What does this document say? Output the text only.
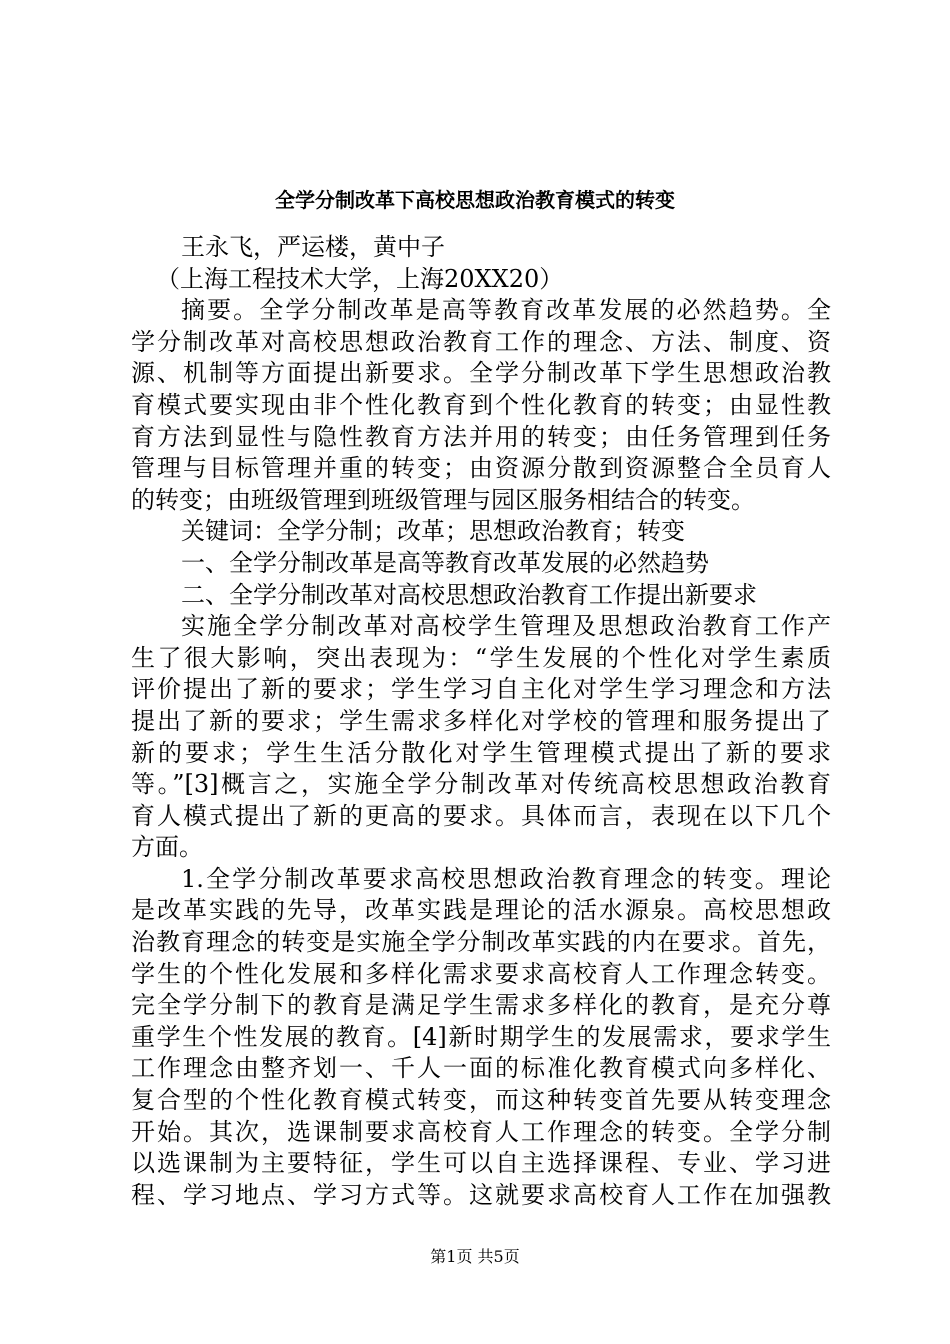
全学分制改革下高校思想政治教育模式的转变
王永飞，严运楼，黄中子
（上海工程技术大学，上海20XX20）
摘要。全学分制改革是高等教育改革发展的必然趋势。全
学分制改革对高校思想政治教育工作的理念、方法、制度、资
源、机制等方面提出新要求。全学分制改革下学生思想政治教
育模式要实现由非个性化教育到个性化教育的转变；由显性教
育方法到显性与隐性教育方法并用的转变；由任务管理到任务
管理与目标管理并重的转变；由资源分散到资源整合全员育人
的转变；由班级管理到班级管理与园区服务相结合的转变。
关键词：全学分制；改革；思想政治教育；转变
一、全学分制改革是高等教育改革发展的必然趋势
二、全学分制改革对高校思想政治教育工作提出新要求
实施全学分制改革对高校学生管理及思想政治教育工作产
生了很大影响，突出表现为：“学生发展的个性化对学生素质
评价提出了新的要求；学生学习自主化对学生学习理念和方法
提出了新的要求；学生需求多样化对学校的管理和服务提出了
新的要求；学生生活分散化对学生管理模式提出了新的要求
等。”[3]概言之，实施全学分制改革对传统高校思想政治教育
育人模式提出了新的更高的要求。具体而言，表现在以下几个
方面。
1.全学分制改革要求高校思想政治教育理念的转变。理论
是改革实践的先导，改革实践是理论的活水源泉。高校思想政
治教育理念的转变是实施全学分制改革实践的内在要求。首先，
学生的个性化发展和多样化需求要求高校育人工作理念转变。
完全学分制下的教育是满足学生需求多样化的教育，是充分尊
重学生个性发展的教育。[4]新时期学生的发展需求，要求学生
工作理念由整齐划一、千人一面的标准化教育模式向多样化、
复合型的个性化教育模式转变，而这种转变首先要从转变理念
开始。其次，选课制要求高校育人工作理念的转变。全学分制
以选课制为主要特征，学生可以自主选择课程、专业、学习进
程、学习地点、学习方式等。这就要求高校育人工作在加强教
第1页 共5页
